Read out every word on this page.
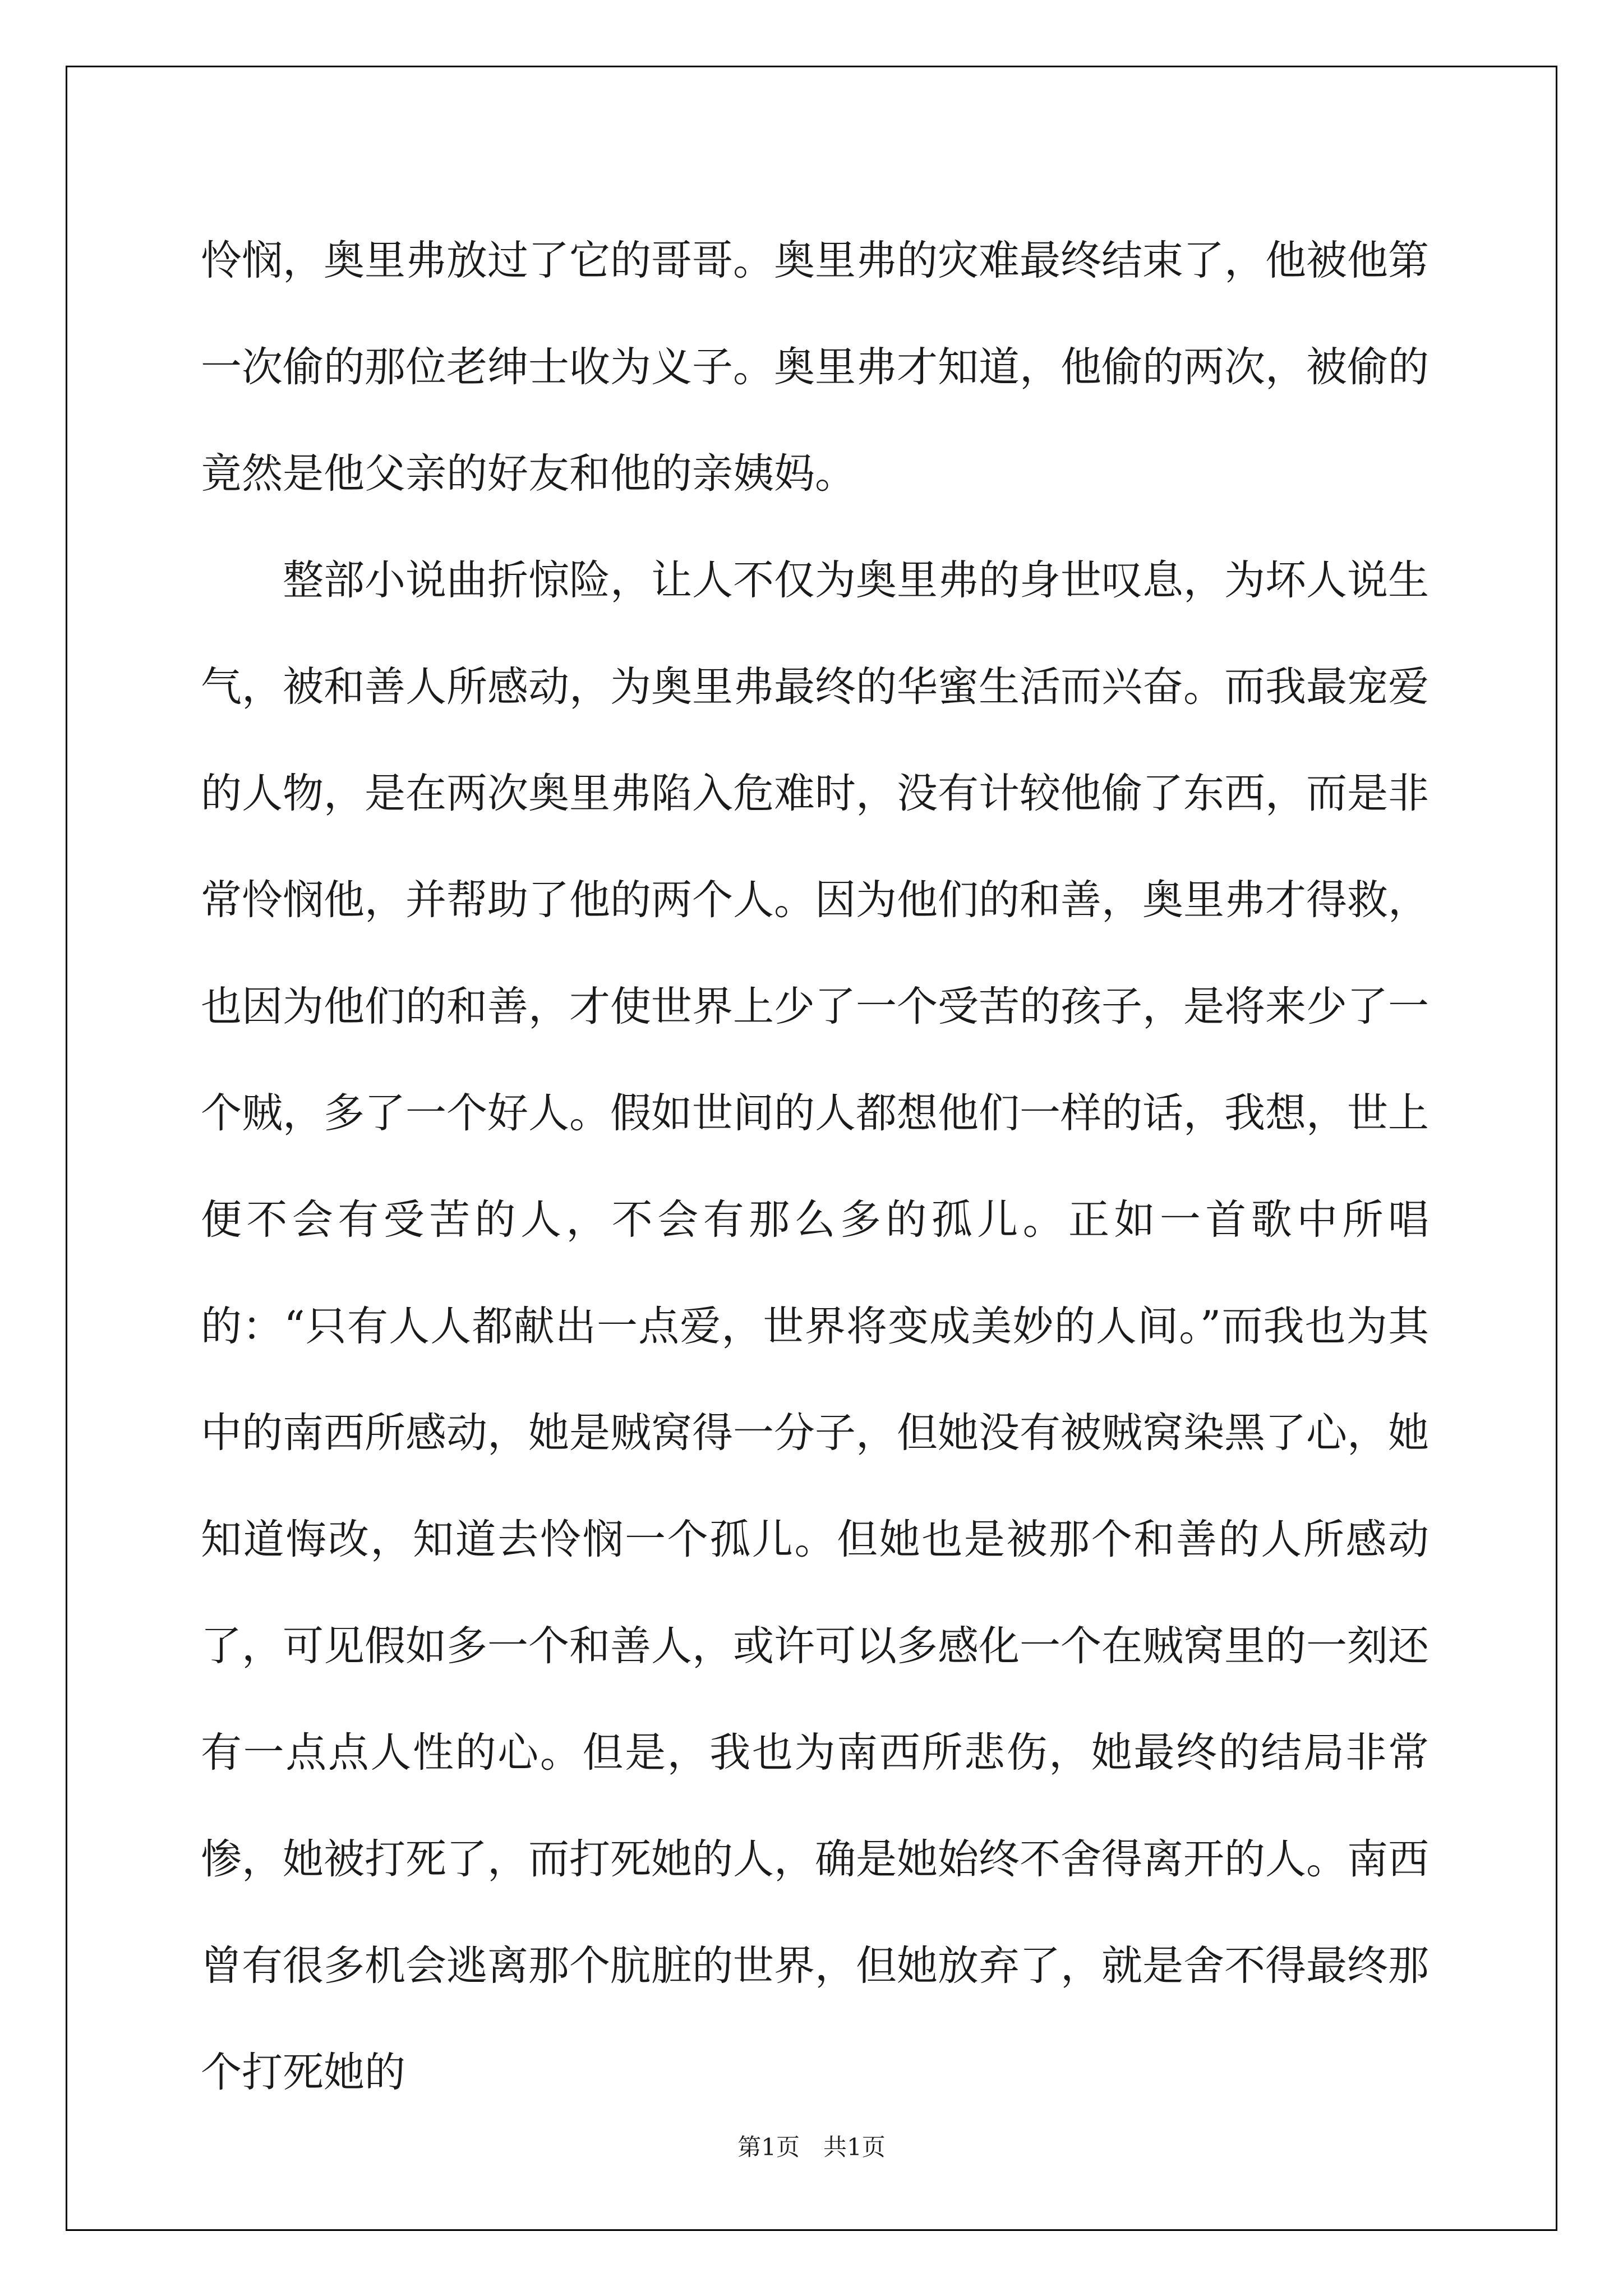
怜悯，奥里弗放过了它的哥哥。奥里弗的灾难最终结束了，他被他第一次偷的那位老绅士收为义子。奥里弗才知道，他偷的两次，被偷的竟然是他父亲的好友和他的亲姨妈。

整部小说曲折惊险，让人不仅为奥里弗的身世叹息，为坏人说生气，被和善人所感动，为奥里弗最终的华蜜生活而兴奋。而我最宠爱的人物，是在两次奥里弗陷入危难时，没有计较他偷了东西，而是非常怜悯他，并帮助了他的两个人。因为他们的和善，奥里弗才得救，也因为他们的和善，才使世界上少了一个受苦的孩子，是将来少了一个贼，多了一个好人。假如世间的人都想他们一样的话，我想，世上便不会有受苦的人，不会有那么多的孤儿。正如一首歌中所唱的：“只有人人都献出一点爱，世界将变成美妙的人间。”而我也为其中的南西所感动，她是贼窝得一分子，但她没有被贼窝染黑了心，她知道悔改，知道去怜悯一个孤儿。但她也是被那个和善的人所感动了，可见假如多一个和善人，或许可以多感化一个在贼窝里的一刻还有一点点人性的心。但是，我也为南西所悲伤，她最终的结局非常惨，她被打死了，而打死她的人，确是她始终不舍得离开的人。南西曾有很多机会逃离那个肮脏的世界，但她放弃了，就是舍不得最终那个打死她的

第1页　共1页
